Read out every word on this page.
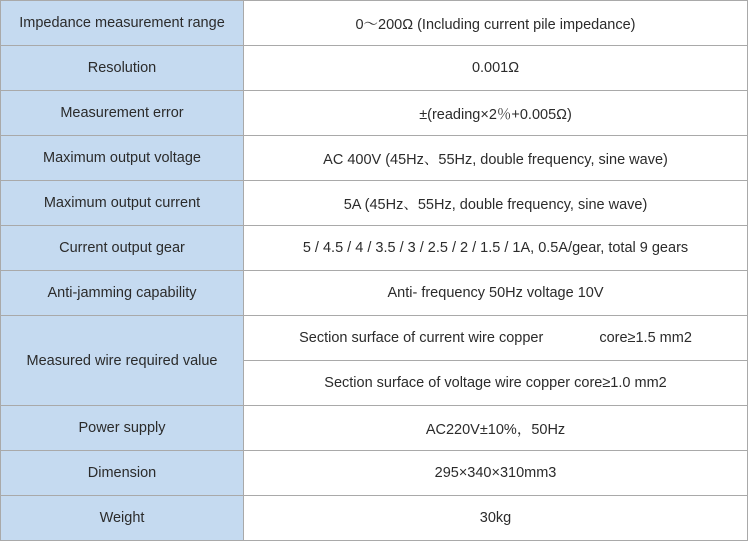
Impedance measurement range	0～200Ω (Including current pile impedance)
Resolution	0.001Ω
Measurement error	±(reading×2％+0.005Ω)
Maximum output voltage	AC 400V (45Hz、55Hz, double frequency, sine wave)
Maximum output current	5A (45Hz、55Hz, double frequency, sine wave)
Current output gear	5 / 4.5 / 4 / 3.5 / 3 / 2.5 / 2 / 1.5 / 1A, 0.5A/gear, total 9 gears
Anti-jamming capability	Anti- frequency 50Hz voltage 10V
Measured wire required value	Section surface of current wire copper core≥1.5 mm2
	Section surface of voltage wire copper core≥1.0 mm2
Power supply	AC220V±10%，50Hz
Dimension	295×340×310mm3
Weight	30kg
